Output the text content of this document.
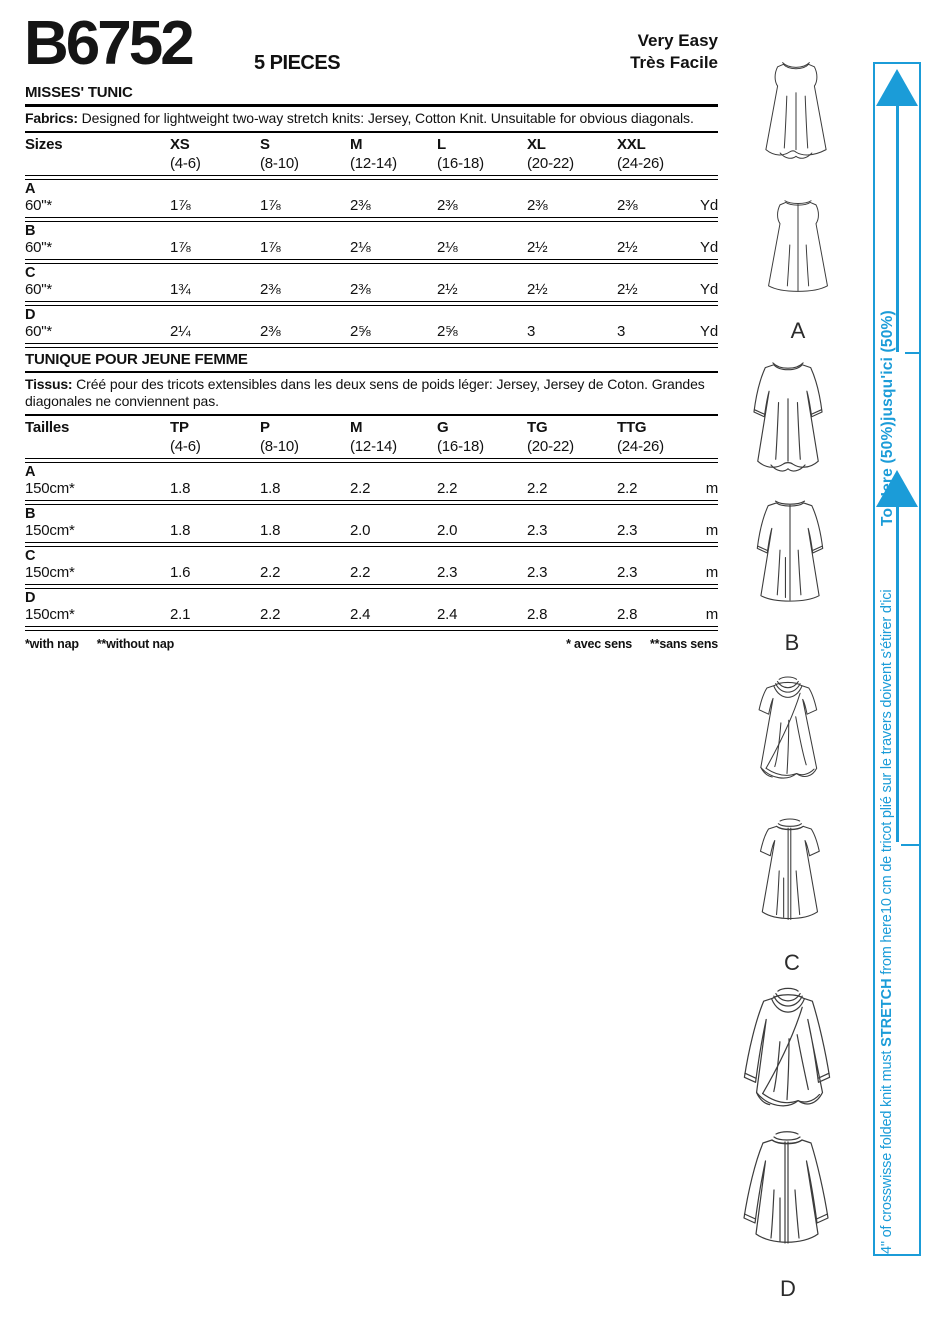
B6752	5 PIECES
Very Easy
Très Facile
MISSES' TUNIC
Fabrics: Designed for lightweight two-way stretch knits: Jersey, Cotton Knit. Unsuitable for obvious diagonals.
Sizes	XS	S	M	L	XL	XXL
(4-6)	(8-10)	(12-14)	(16-18)	(20-22)	(24-26)
A
60"*	1⅞	1⅞	2⅜	2⅜	2⅜	2⅜	Yd
B
60"*	1⅞	1⅞	2⅛	2⅛	2½	2½	Yd
C
60"*	1¾	2⅜	2⅜	2½	2½	2½	Yd
D
60"*	2¼	2⅜	2⅝	2⅝	3	3	Yd
TUNIQUE POUR JEUNE FEMME
Tissus: Créé pour des tricots extensibles dans les deux sens de poids léger: Jersey, Jersey de Coton. Grandes diagonales ne conviennent pas.
Tailles	TP	P	M	G	TG	TTG
(4-6)	(8-10)	(12-14)	(16-18)	(20-22)	(24-26)
A
150cm*	1.8	1.8	2.2	2.2	2.2	2.2	m
B
150cm*	1.8	1.8	2.0	2.0	2.3	2.3	m
C
150cm*	1.6	2.2	2.2	2.3	2.3	2.3	m
D
150cm*	2.1	2.2	2.4	2.4	2.8	2.8	m
*with nap **without nap	* avec sens **sans sens
A
B
C
D
To Here (50%)
jusqu'ici (50%)
4" of crosswisse folded knit must STRETCH from here
10 cm de tricot plié sur le travers doivent s'étirer d'ici
